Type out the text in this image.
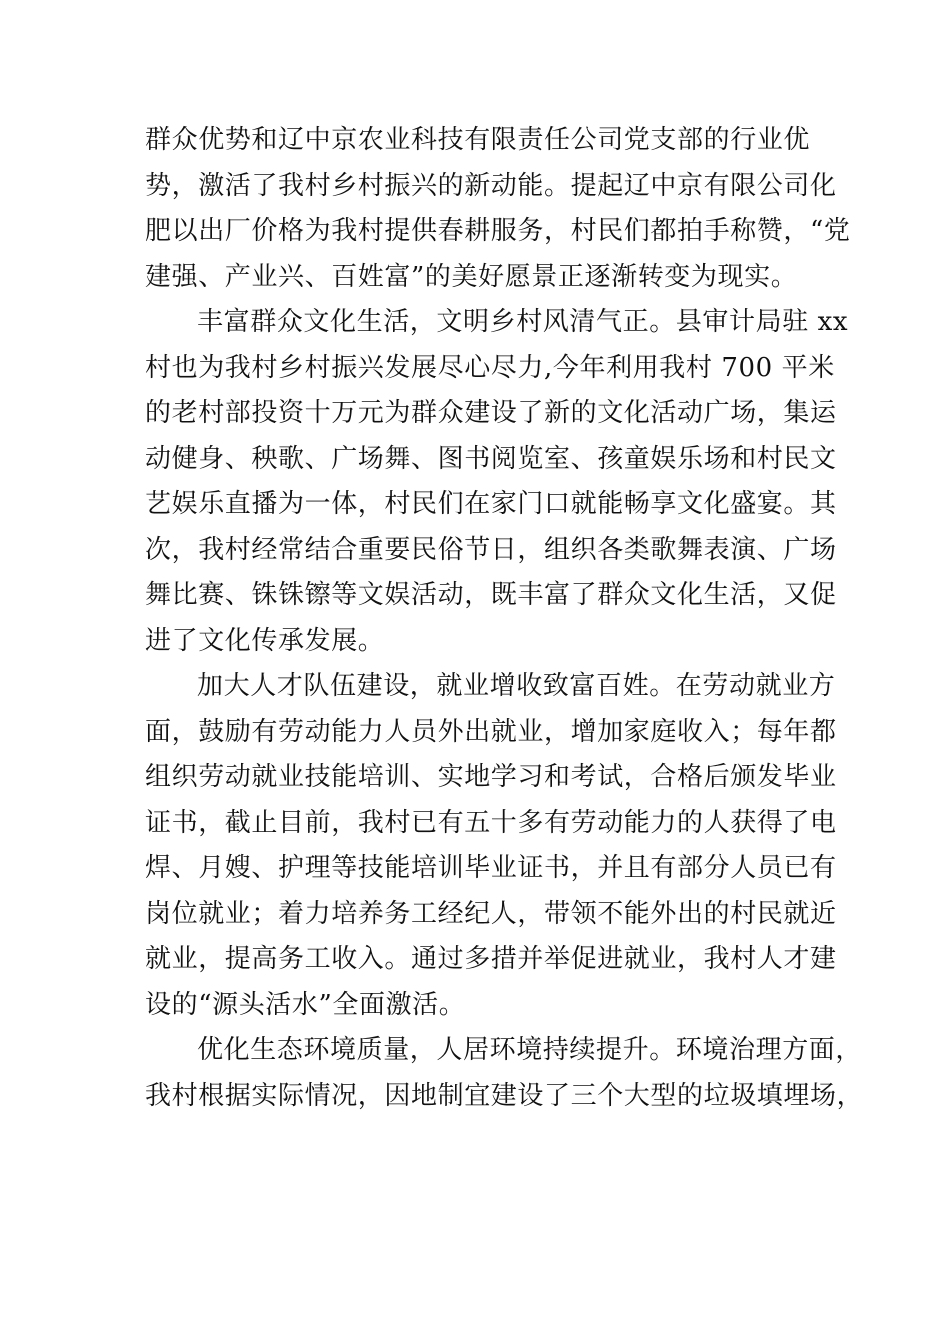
群众优势和辽中京农业科技有限责任公司党支部的行业优
势，激活了我村乡村振兴的新动能。提起辽中京有限公司化
肥以出厂价格为我村提供春耕服务，村民们都拍手称赞，“党
建强、产业兴、百姓富”的美好愿景正逐渐转变为现实。
丰富群众文化生活，文明乡村风清气正。县审计局驻 xx
村也为我村乡村振兴发展尽心尽力,今年利用我村 700 平米
的老村部投资十万元为群众建设了新的文化活动广场，集运
动健身、秧歌、广场舞、图书阅览室、孩童娱乐场和村民文
艺娱乐直播为一体，村民们在家门口就能畅享文化盛宴。其
次，我村经常结合重要民俗节日，组织各类歌舞表演、广场
舞比赛、铢铢镲等文娱活动，既丰富了群众文化生活，又促
进了文化传承发展。
加大人才队伍建设，就业增收致富百姓。在劳动就业方
面，鼓励有劳动能力人员外出就业，增加家庭收入；每年都
组织劳动就业技能培训、实地学习和考试，合格后颁发毕业
证书，截止目前，我村已有五十多有劳动能力的人获得了电
焊、月嫂、护理等技能培训毕业证书，并且有部分人员已有
岗位就业；着力培养务工经纪人，带领不能外出的村民就近
就业，提高务工收入。通过多措并举促进就业，我村人才建
设的“源头活水”全面激活。
优化生态环境质量，人居环境持续提升。环境治理方面，
我村根据实际情况，因地制宜建设了三个大型的垃圾填埋场，
